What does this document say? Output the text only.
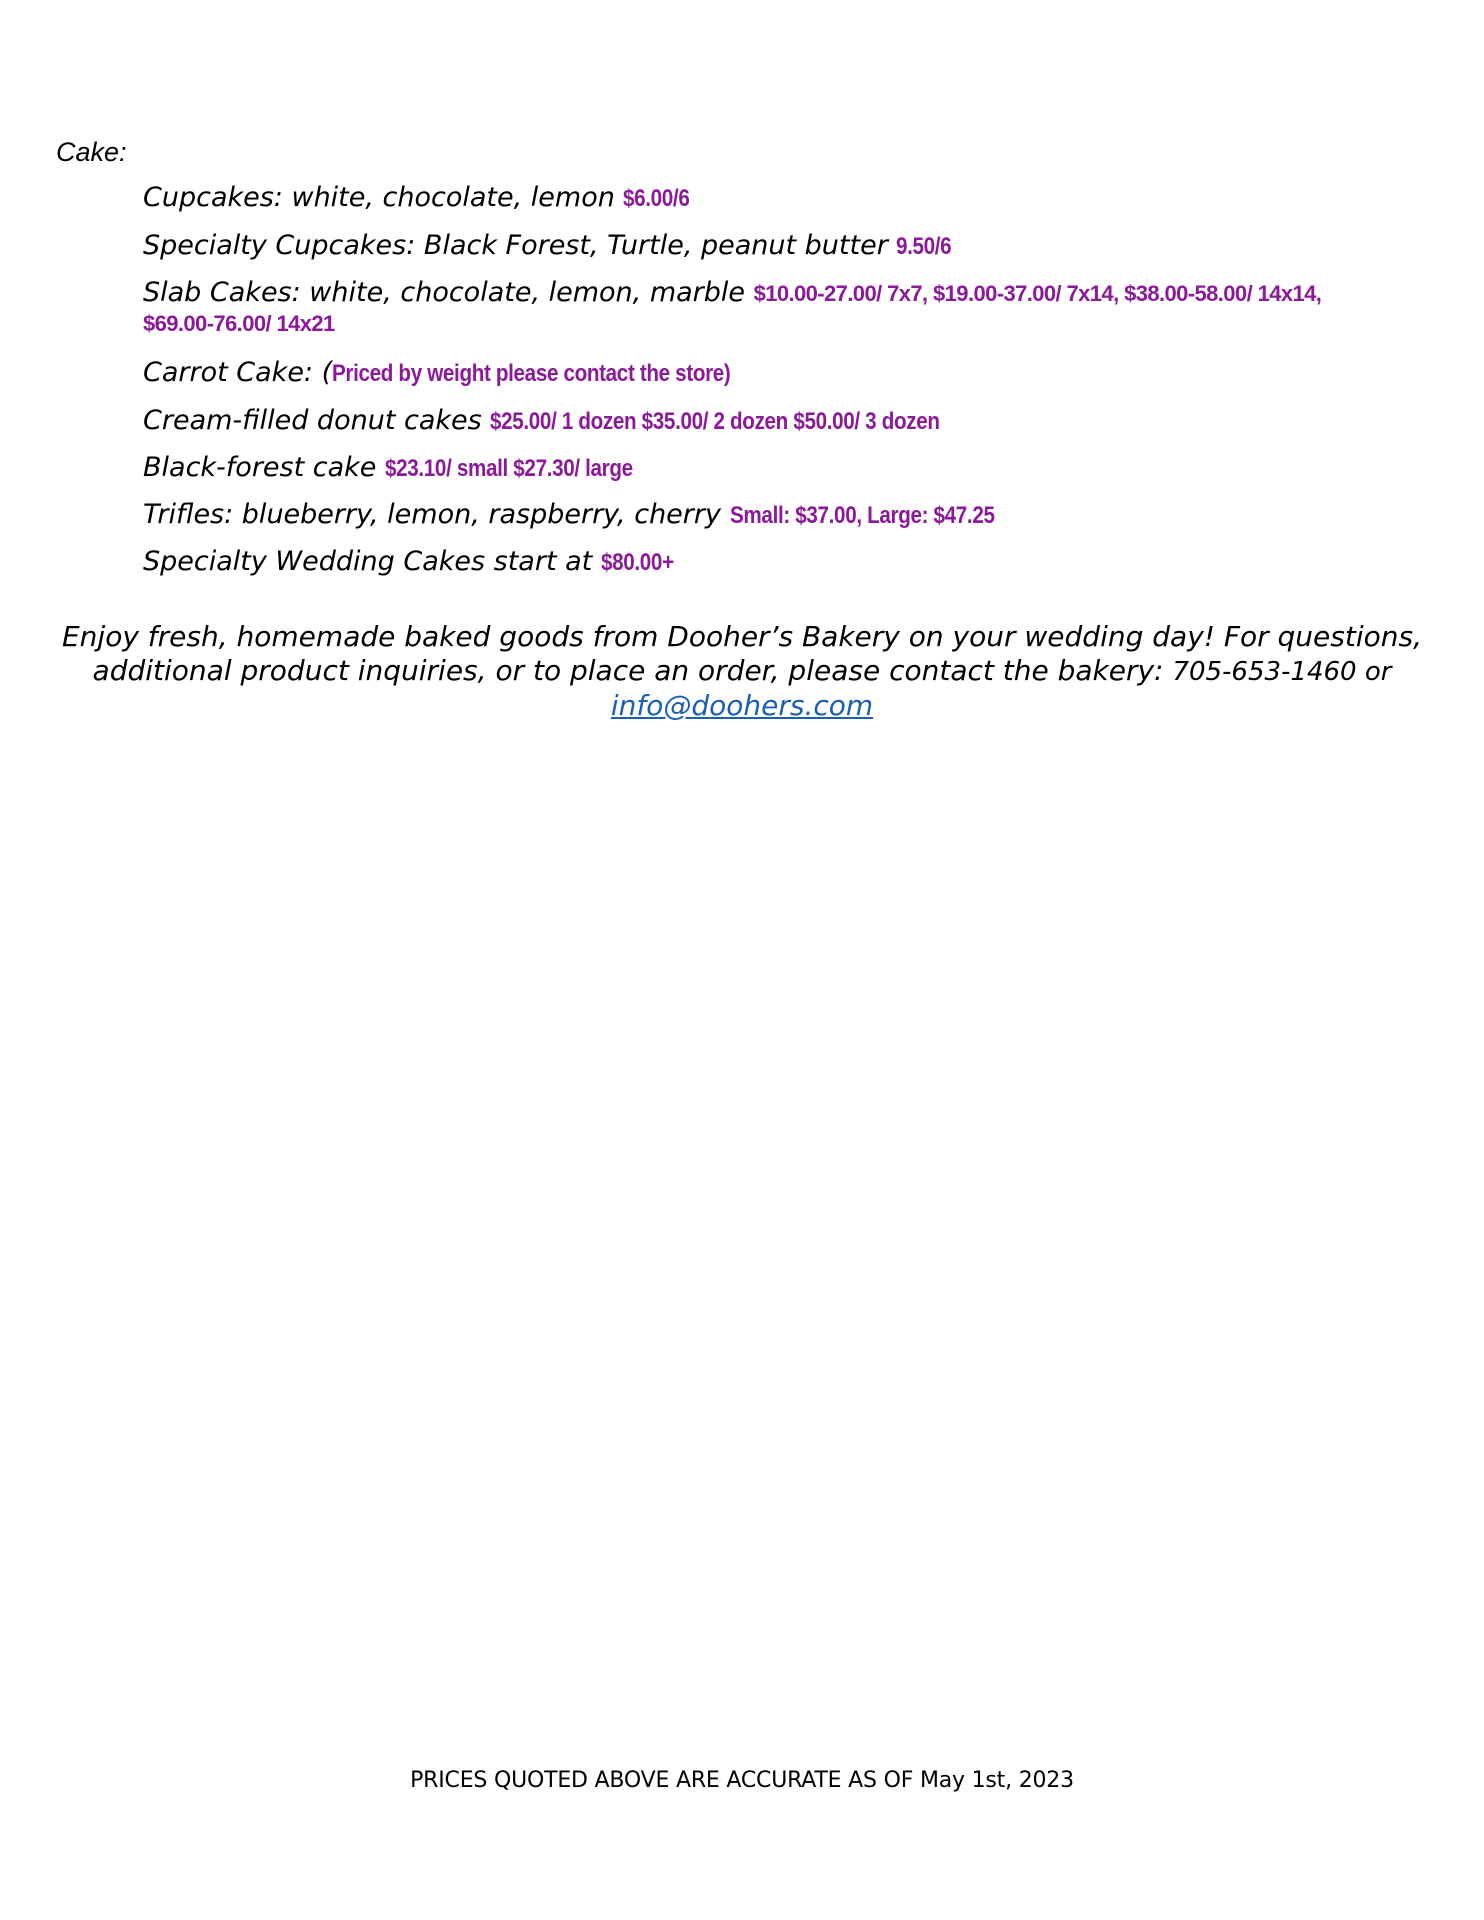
Cake:
Cupcakes: white, chocolate, lemon $6.00/6
Specialty Cupcakes: Black Forest, Turtle, peanut butter 9.50/6
Slab Cakes: white, chocolate, lemon, marble $10.00-27.00/ 7x7, $19.00-37.00/ 7x14, $38.00-58.00/ 14x14,
$69.00-76.00/ 14x21
Carrot Cake: (Priced by weight please contact the store)
Cream-filled donut cakes $25.00/ 1 dozen $35.00/ 2 dozen $50.00/ 3 dozen
Black-forest cake $23.10/ small $27.30/ large
Trifles: blueberry, lemon, raspberry, cherry Small: $37.00, Large: $47.25
Specialty Wedding Cakes start at $80.00+
Enjoy fresh, homemade baked goods from Dooher’s Bakery on your wedding day! For questions, additional product inquiries, or to place an order, please contact the bakery: 705-653-1460 or
info@doohers.com
PRICES QUOTED ABOVE ARE ACCURATE AS OF May 1st, 2023
